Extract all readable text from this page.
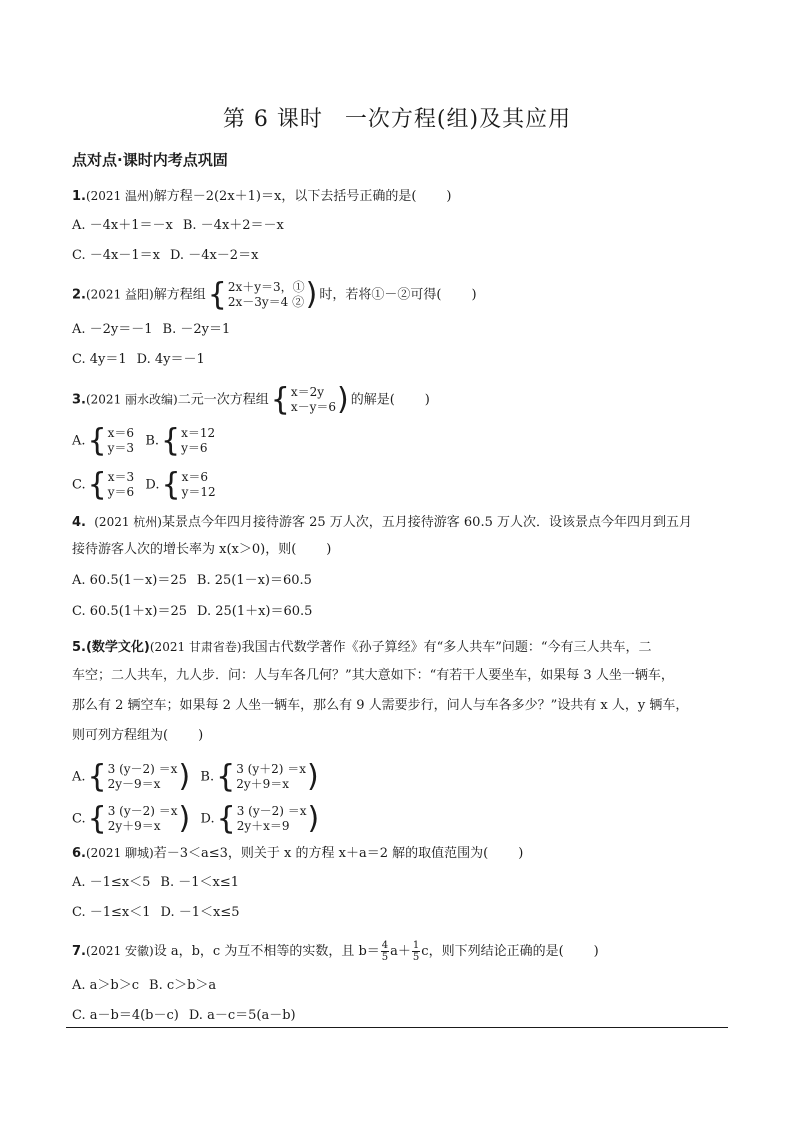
第 6 课时 一次方程(组)及其应用
点对点·课时内考点巩固
1.(2021 温州)解方程－2(2x＋1)＝x，以下去括号正确的是( )
A. －4x＋1＝－x B. －4x＋2＝－x
C. －4x－1＝x D. －4x－2＝x
2.(2021 益阳)解方程组 { 2x＋y＝3，①
2x－3y＝4 ② ) 时，若将①－②可得( )
A. －2y＝－1 B. －2y＝1
C. 4y＝1 D. 4y＝－1
3.(2021 丽水改编)二元一次方程组 { x＝2y
x－y＝6 ) 的解是( )
A. { x＝6
y＝3 B. { x＝12
y＝6
C. { x＝3
y＝6 D. { x＝6
y＝12
4. (2021 杭州)某景点今年四月接待游客 25 万人次，五月接待游客 60.5 万人次．设该景点今年四月到五月
接待游客人次的增长率为 x(x＞0)，则( )
A. 60.5(1－x)＝25 B. 25(1－x)＝60.5
C. 60.5(1＋x)＝25 D. 25(1＋x)＝60.5
5.(数学文化)(2021 甘肃省卷)我国古代数学著作《孙子算经》有“多人共车”问题：“今有三人共车，二
车空；二人共车，九人步．问：人与车各几何？”其大意如下：“有若干人要坐车，如果每 3 人坐一辆车，
那么有 2 辆空车；如果每 2 人坐一辆车，那么有 9 人需要步行，问人与车各多少？”设共有 x 人，y 辆车，
则可列方程组为( )
A. { 3 (y－2) ＝x
2y－9＝x ) B. { 3 (y＋2) ＝x
2y＋9＝x )
C. { 3 (y－2) ＝x
2y＋9＝x ) D. { 3 (y－2) ＝x
2y＋x＝9 )
6.(2021 聊城)若－3＜a≤3，则关于 x 的方程 x＋a＝2 解的取值范围为( )
A. －1≤x＜5 B. －1＜x≤1
C. －1≤x＜1 D. －1＜x≤5
7.(2021 安徽)设 a，b，c 为互不相等的实数，且 $b= \frac{4}{5} a+ \frac{1}{5}$ c，则下列结论正确的是( )
A. a＞b＞c B. c＞b＞a
C. a－b＝4(b－c) D. a－c＝5(a－b)
